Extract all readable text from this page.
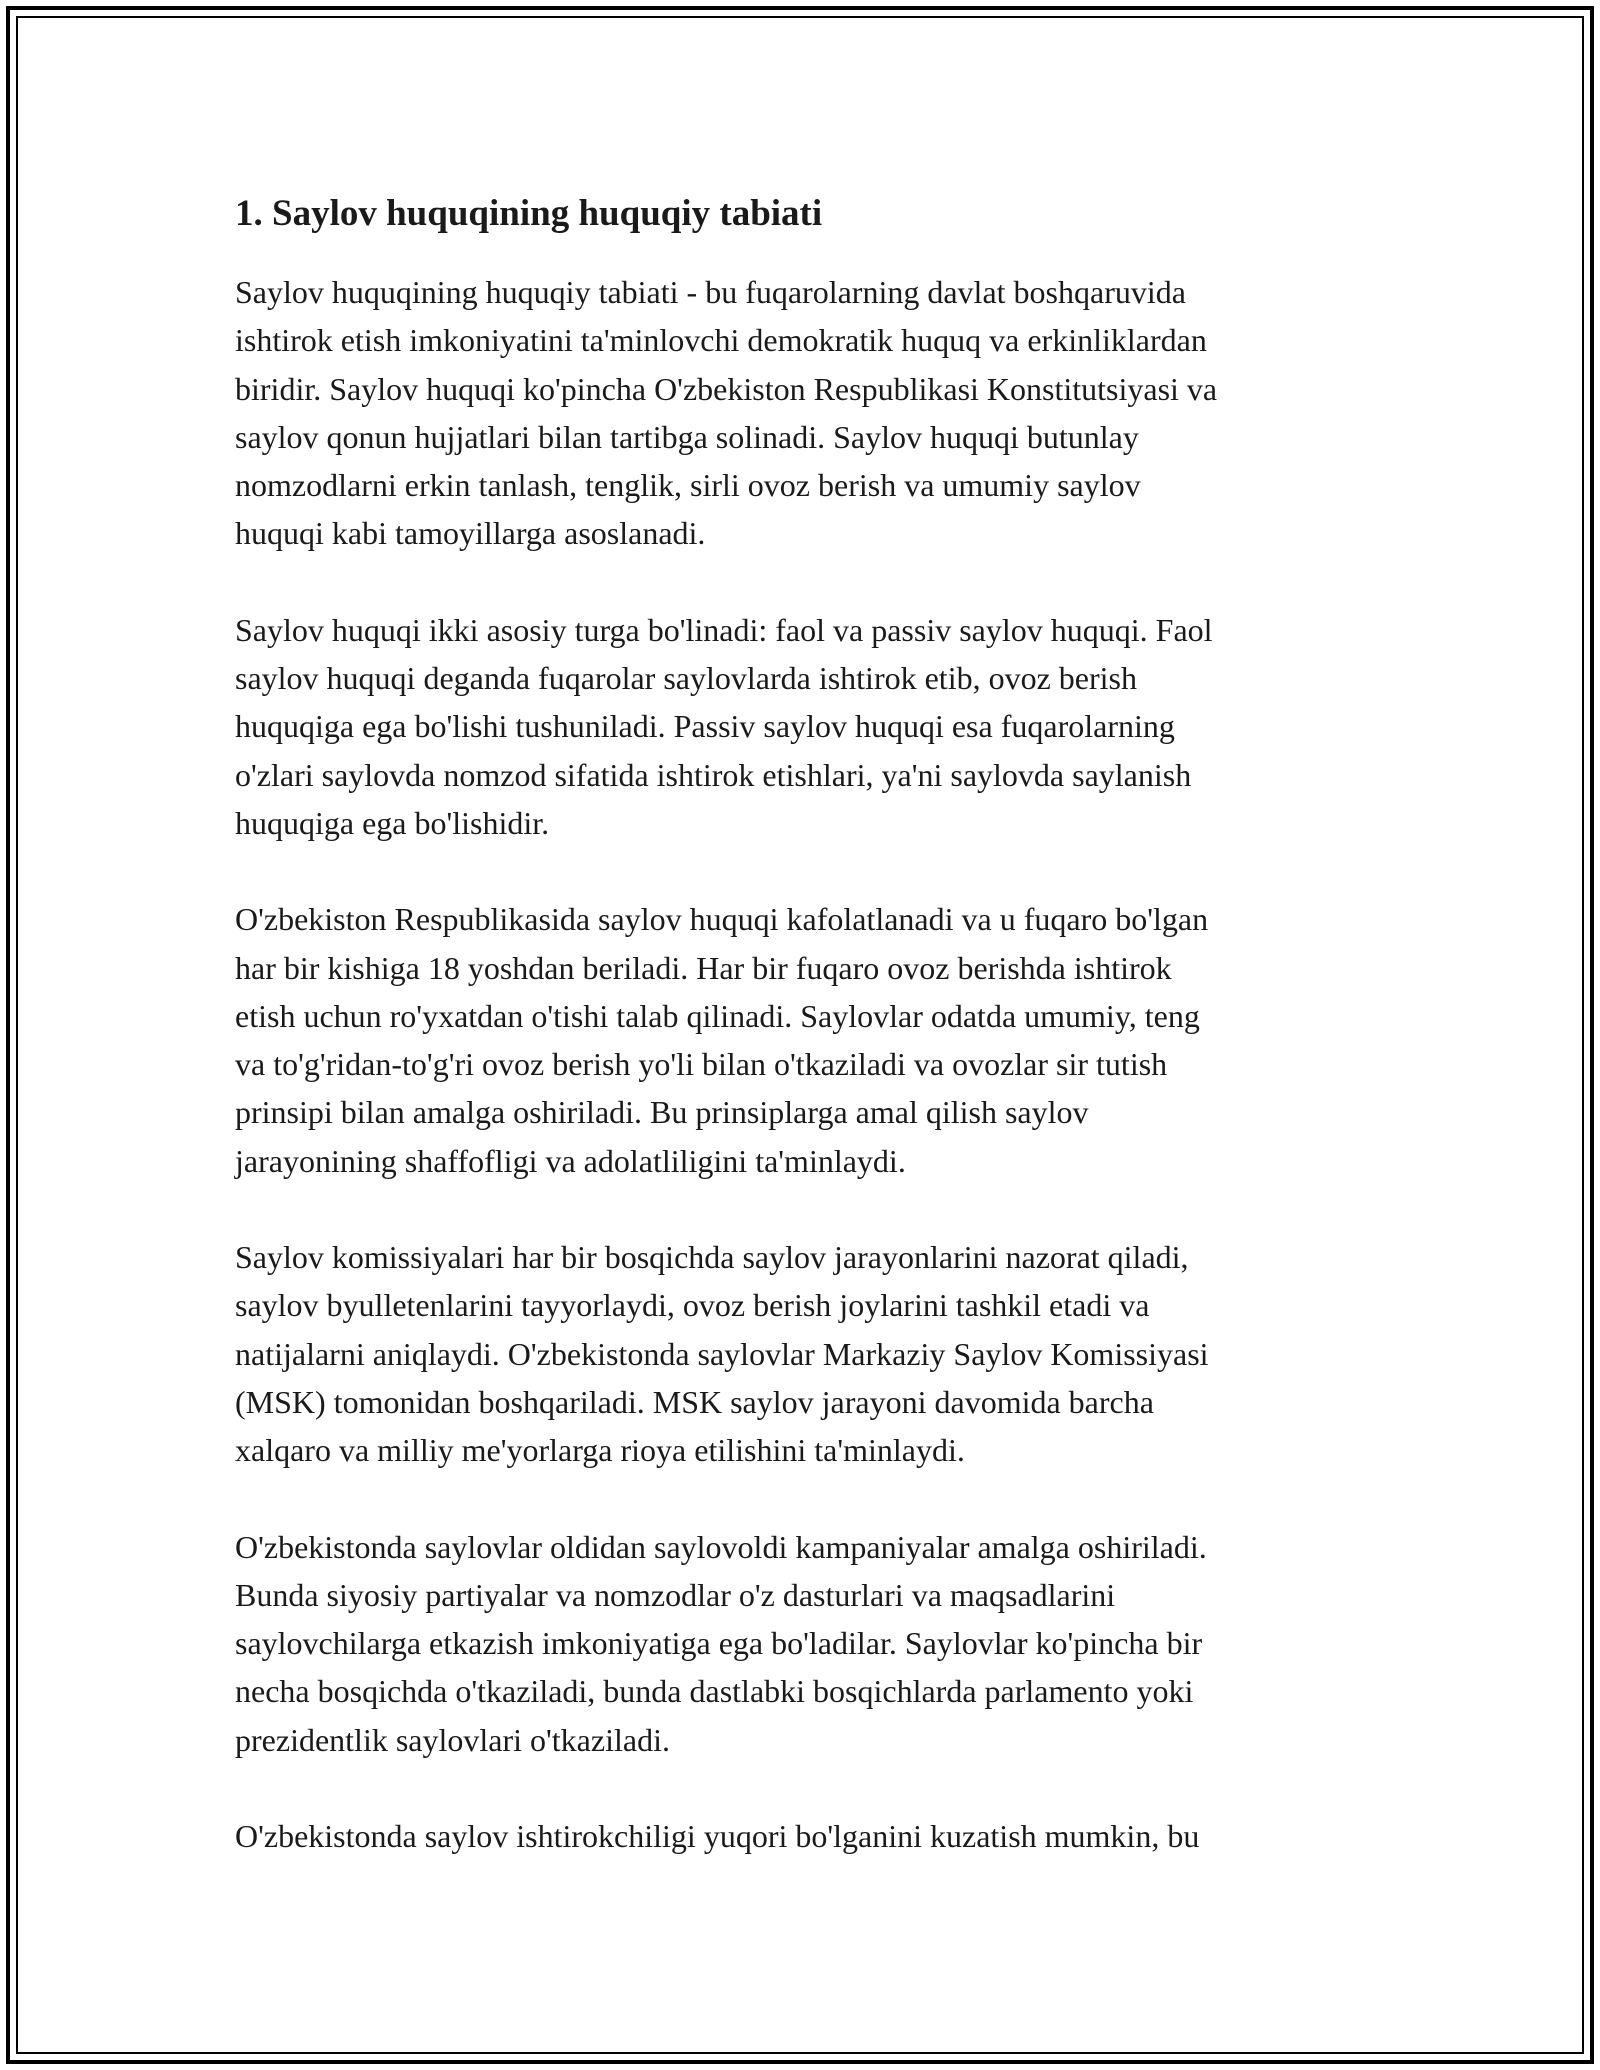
1. Saylov huquqining huquqiy tabiati

Saylov huquqining huquqiy tabiati - bu fuqarolarning davlat boshqaruvida
ishtirok etish imkoniyatini ta'minlovchi demokratik huquq va erkinliklardan
biridir. Saylov huquqi ko'pincha O'zbekiston Respublikasi Konstitutsiyasi va
saylov qonun hujjatlari bilan tartibga solinadi. Saylov huquqi butunlay
nomzodlarni erkin tanlash, tenglik, sirli ovoz berish va umumiy saylov
huquqi kabi tamoyillarga asoslanadi.

Saylov huquqi ikki asosiy turga bo'linadi: faol va passiv saylov huquqi. Faol
saylov huquqi deganda fuqarolar saylovlarda ishtirok etib, ovoz berish
huquqiga ega bo'lishi tushuniladi. Passiv saylov huquqi esa fuqarolarning
o'zlari saylovda nomzod sifatida ishtirok etishlari, ya'ni saylovda saylanish
huquqiga ega bo'lishidir.

O'zbekiston Respublikasida saylov huquqi kafolatlanadi va u fuqaro bo'lgan
har bir kishiga 18 yoshdan beriladi. Har bir fuqaro ovoz berishda ishtirok
etish uchun ro'yxatdan o'tishi talab qilinadi. Saylovlar odatda umumiy, teng
va to'g'ridan-to'g'ri ovoz berish yo'li bilan o'tkaziladi va ovozlar sir tutish
prinsipi bilan amalga oshiriladi. Bu prinsiplarga amal qilish saylov
jarayonining shaffofligi va adolatliligini ta'minlaydi.

Saylov komissiyalari har bir bosqichda saylov jarayonlarini nazorat qiladi,
saylov byulletenlarini tayyorlaydi, ovoz berish joylarini tashkil etadi va
natijalarni aniqlaydi. O'zbekistonda saylovlar Markaziy Saylov Komissiyasi
(MSK) tomonidan boshqariladi. MSK saylov jarayoni davomida barcha
xalqaro va milliy me'yorlarga rioya etilishini ta'minlaydi.

O'zbekistonda saylovlar oldidan saylovoldi kampaniyalar amalga oshiriladi.
Bunda siyosiy partiyalar va nomzodlar o'z dasturlari va maqsadlarini
saylovchilarga etkazish imkoniyatiga ega bo'ladilar. Saylovlar ko'pincha bir
necha bosqichda o'tkaziladi, bunda dastlabki bosqichlarda parlamento yoki
prezidentlik saylovlari o'tkaziladi.

O'zbekistonda saylov ishtirokchiligi yuqori bo'lganini kuzatish mumkin, bu
